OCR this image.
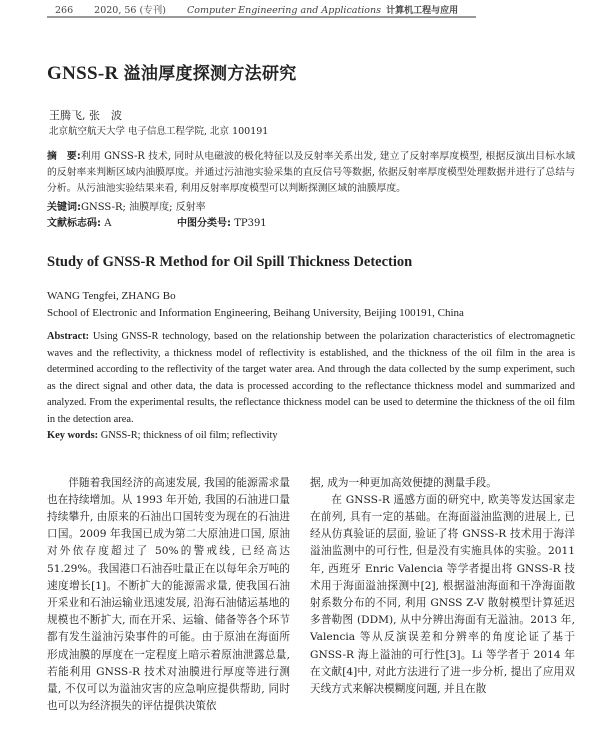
266 2020, 56 (专刊) Computer Engineering and Applications 计算机工程与应用
GNSS-R 溢油厚度探测方法研究
王腾飞, 张　波
北京航空航天大学 电子信息工程学院, 北京 100191
摘　要:利用 GNSS-R 技术, 同时从电磁波的极化特征以及反射率关系出发, 建立了反射率厚度模型, 根据反演出目标水域的反射率来判断区域内油膜厚度。并通过污油池实验采集的直反信号等数据, 依据反射率厚度模型处理数据并进行了总结与分析。从污油池实验结果来看, 利用反射率厚度模型可以判断探测区域的油膜厚度。
关键词:GNSS-R; 油膜厚度; 反射率
文献标志码: A	中图分类号: TP391
Study of GNSS-R Method for Oil Spill Thickness Detection
WANG Tengfei, ZHANG Bo
School of Electronic and Information Engineering, Beihang University, Beijing 100191, China
Abstract: Using GNSS-R technology, based on the relationship between the polarization characteristics of electromagnetic waves and the reflectivity, a thickness model of reflectivity is established, and the thickness of the oil film in the area is determined according to the reflectivity of the target water area. And through the data collected by the sump experiment, such as the direct signal and other data, the data is processed according to the reflectance thickness model and summarized and analyzed. From the experimental results, the reflectance thickness model can be used to determine the thickness of the oil film in the detection area.
Key words: GNSS-R; thickness of oil film; reflectivity

伴随着我国经济的高速发展, 我国的能源需求量也在持续增加。从 1993 年开始, 我国的石油进口量持续攀升, 由原来的石油出口国转变为现在的石油进口国。2009 年我国已成为第二大原油进口国, 原油对外依存度超过了 50%的警戒线, 已经高达 51.29%。我国港口石油吞吐量正在以每年余万吨的速度增长[1]。不断扩大的能源需求量, 使我国石油开采业和石油运输业迅速发展, 沿海石油储运基地的规模也不断扩大, 而在开采、运输、储备等各个环节都有发生溢油污染事件的可能。由于原油在海面所形成油膜的厚度在一定程度上暗示着原油泄露总量, 若能利用 GNSS-R 技术对油膜进行厚度等进行测量, 不仅可以为溢油灾害的应急响应提供帮助, 同时也可以为经济损失的评估提供决策依

据, 成为一种更加高效便捷的测量手段。

在 GNSS-R 遥感方面的研究中, 欧美等发达国家走在前列, 具有一定的基础。在海面溢油监测的进展上, 已经从仿真验证的层面, 验证了将 GNSS-R 技术用于海洋溢油监测中的可行性, 但是没有实施具体的实验。2011 年, 西班牙 Enric Valencia 等学者提出将 GNSS-R 技术用于海面溢油探测中[2], 根据溢油海面和干净海面散射系数分布的不同, 利用 GNSS Z-V 散射模型计算延迟多普勒图 (DDM), 从中分辨出海面有无溢油。2013 年, Valencia 等从反演误差和分辨率的角度论证了基于 GNSS-R 海上溢油的可行性[3]。Li 等学者于 2014 年在文献[4]中, 对此方法进行了进一步分析, 提出了应用双天线方式来解决模糊度问题, 并且在散
